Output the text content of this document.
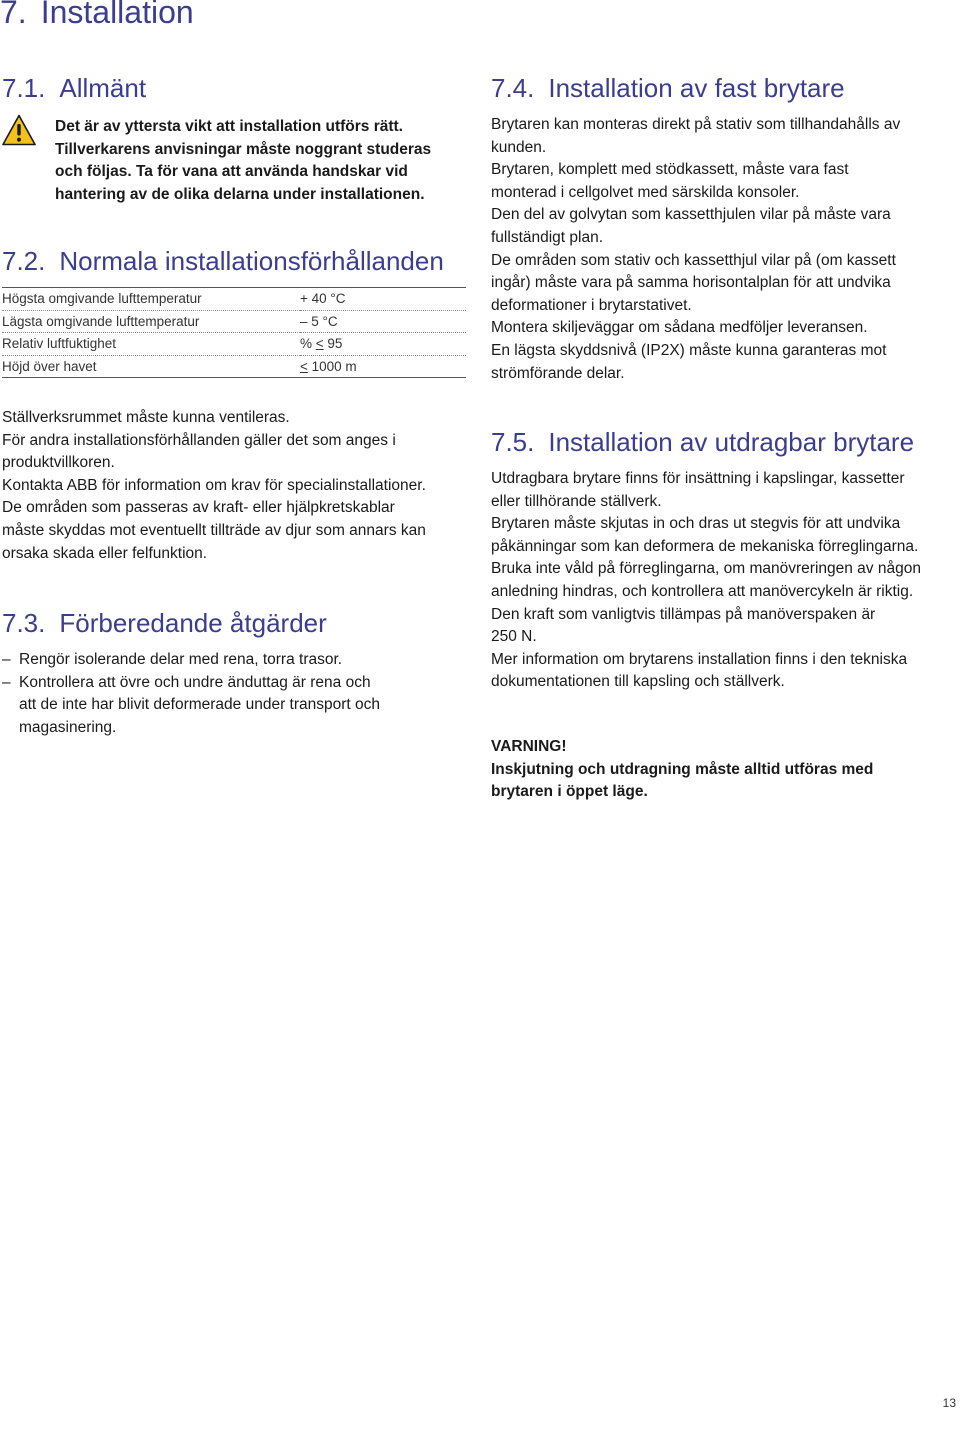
7. Installation
7.1. Allmänt

Det är av yttersta vikt att installation utförs rätt.

Tillverkarens anvisningar måste noggrant studeras

och följas. Ta för vana att använda handskar vid

hantering av de olika delarna under installationen.

7.2. Normala installationsförhållanden
Högsta omgivande lufttemperatur	+ 40 °C
Lägsta omgivande lufttemperatur	– 5 °C
Relativ luftfuktighet	% < 95
Höjd över havet	< 1000 m

Ställverksrummet måste kunna ventileras.

För andra installationsförhållanden gäller det som anges i

produktvillkoren.

Kontakta ABB för information om krav för specialinstallationer.

De områden som passeras av kraft- eller hjälpkretskablar

måste skyddas mot eventuellt tillträde av djur som annars kan

orsaka skada eller felfunktion.

7.3. Förberedande åtgärder
– Rengör isolerande delar med rena, torra trasor.
– Kontrollera att övre och undre änduttag är rena och
att de inte har blivit deformerade under transport och
magasinering.
7.4. Installation av fast brytare

Brytaren kan monteras direkt på stativ som tillhandahålls av

kunden.

Brytaren, komplett med stödkassett, måste vara fast

monterad i cellgolvet med särskilda konsoler.

Den del av golvytan som kassetthjulen vilar på måste vara

fullständigt plan.

De områden som stativ och kassetthjul vilar på (om kassett

ingår) måste vara på samma horisontalplan för att undvika

deformationer i brytarstativet.

Montera skiljeväggar om sådana medföljer leveransen.

En lägsta skyddsnivå (IP2X) måste kunna garanteras mot

strömförande delar.

7.5. Installation av utdragbar brytare

Utdragbara brytare finns för insättning i kapslingar, kassetter

eller tillhörande ställverk.

Brytaren måste skjutas in och dras ut stegvis för att undvika

påkänningar som kan deformera de mekaniska förreglingarna.

Bruka inte våld på förreglingarna, om manövreringen av någon

anledning hindras, och kontrollera att manövercykeln är riktig.

Den kraft som vanligtvis tillämpas på manöverspaken är

250 N.

Mer information om brytarens installation finns i den tekniska

dokumentationen till kapsling och ställverk.

VARNING!

Inskjutning och utdragning måste alltid utföras med

brytaren i öppet läge.

13
